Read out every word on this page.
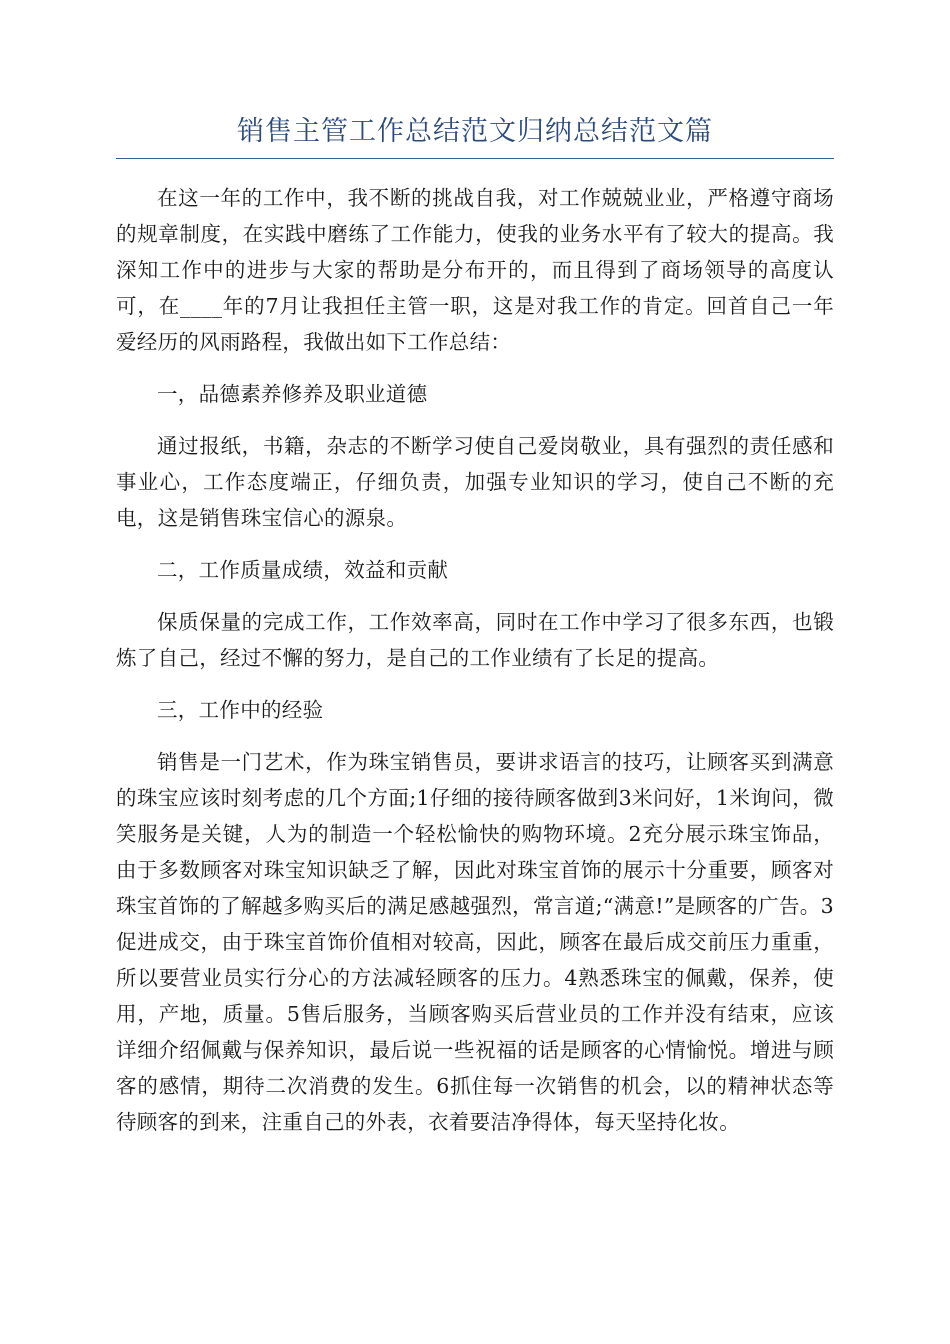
销售主管工作总结范文归纳总结范文篇

在这一年的工作中，我不断的挑战自我，对工作兢兢业业，严格遵守商场的规章制度，在实践中磨练了工作能力，使我的业务水平有了较大的提高。我深知工作中的进步与大家的帮助是分布开的，而且得到了商场领导的高度认可，在____年的7月让我担任主管一职，这是对我工作的肯定。回首自己一年爱经历的风雨路程，我做出如下工作总结：

一，品德素养修养及职业道德

通过报纸，书籍，杂志的不断学习使自己爱岗敬业，具有强烈的责任感和事业心，工作态度端正，仔细负责，加强专业知识的学习，使自己不断的充电，这是销售珠宝信心的源泉。

二，工作质量成绩，效益和贡献

保质保量的完成工作，工作效率高，同时在工作中学习了很多东西，也锻炼了自己，经过不懈的努力，是自己的工作业绩有了长足的提高。

三，工作中的经验

销售是一门艺术，作为珠宝销售员，要讲求语言的技巧，让顾客买到满意的珠宝应该时刻考虑的几个方面;1仔细的接待顾客做到3米问好，1米询问，微笑服务是关键，人为的制造一个轻松愉快的购物环境。2充分展示珠宝饰品，由于多数顾客对珠宝知识缺乏了解，因此对珠宝首饰的展示十分重要，顾客对珠宝首饰的了解越多购买后的满足感越强烈，常言道;“满意!”是顾客的广告。3促进成交，由于珠宝首饰价值相对较高，因此，顾客在最后成交前压力重重，所以要营业员实行分心的方法减轻顾客的压力。4熟悉珠宝的佩戴，保养，使用，产地，质量。5售后服务，当顾客购买后营业员的工作并没有结束，应该详细介绍佩戴与保养知识，最后说一些祝福的话是顾客的心情愉悦。增进与顾客的感情，期待二次消费的发生。6抓住每一次销售的机会，以的精神状态等待顾客的到来，注重自己的外表，衣着要洁净得体，每天坚持化妆。
